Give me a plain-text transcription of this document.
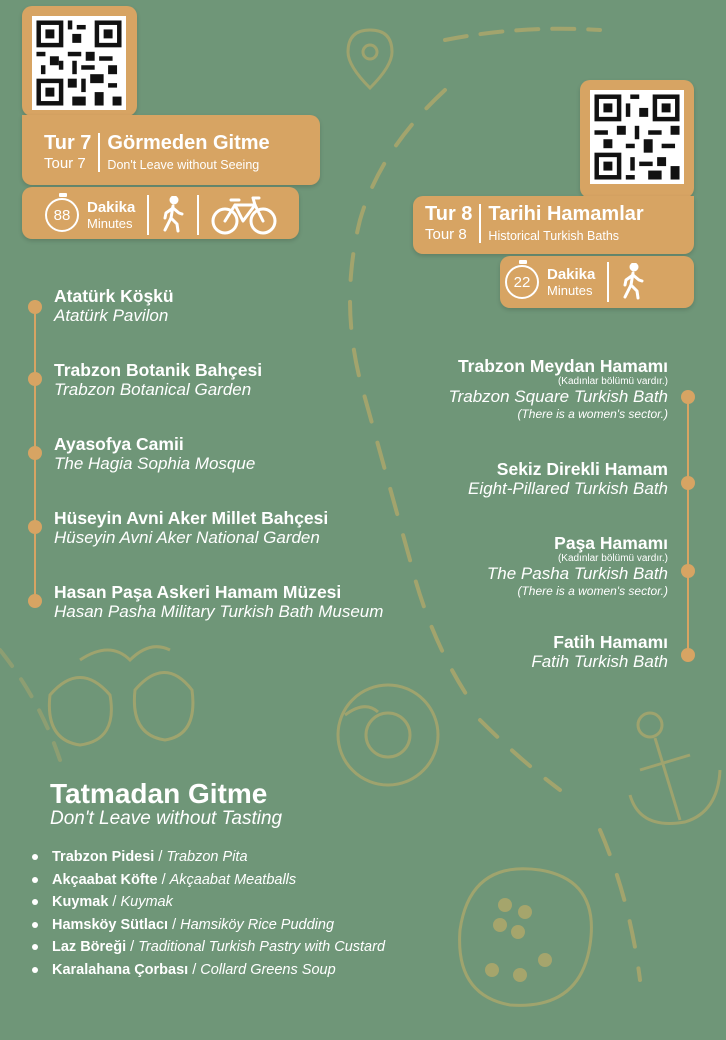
Tur 7
Tour 7
Görmeden Gitme
Don't Leave without Seeing
88 Dakika
Minutes
Atatürk Köşkü
Atatürk Pavilon
Trabzon Botanik Bahçesi
Trabzon Botanical Garden
Ayasofya Camii
The Hagia Sophia Mosque
Hüseyin Avni Aker Millet Bahçesi
Hüseyin Avni Aker National Garden
Hasan Paşa Askeri Hamam Müzesi
Hasan Pasha Military Turkish Bath Museum
Tur 8
Tour 8
Tarihi Hamamlar
Historical Turkish Baths
22 Dakika
Minutes
Trabzon Meydan Hamamı
(Kadınlar bölümü vardır.)
Trabzon Square Turkish Bath
(There is a women's sector.)
Sekiz Direkli Hamam
Eight-Pillared Turkish Bath
Paşa Hamamı
(Kadınlar bölümü vardır.)
The Pasha Turkish Bath
(There is a women's sector.)
Fatih Hamamı
Fatih Turkish Bath
Tatmadan Gitme
Don't Leave without Tasting
Trabzon Pidesi / Trabzon Pita
Akçaabat Köfte / Akçaabat Meatballs
Kuymak / Kuymak
Hamsköy Sütlacı / Hamsiköy Rice Pudding
Laz Böreği / Traditional Turkish Pastry with Custard
Karalahana Çorbası / Collard Greens Soup
